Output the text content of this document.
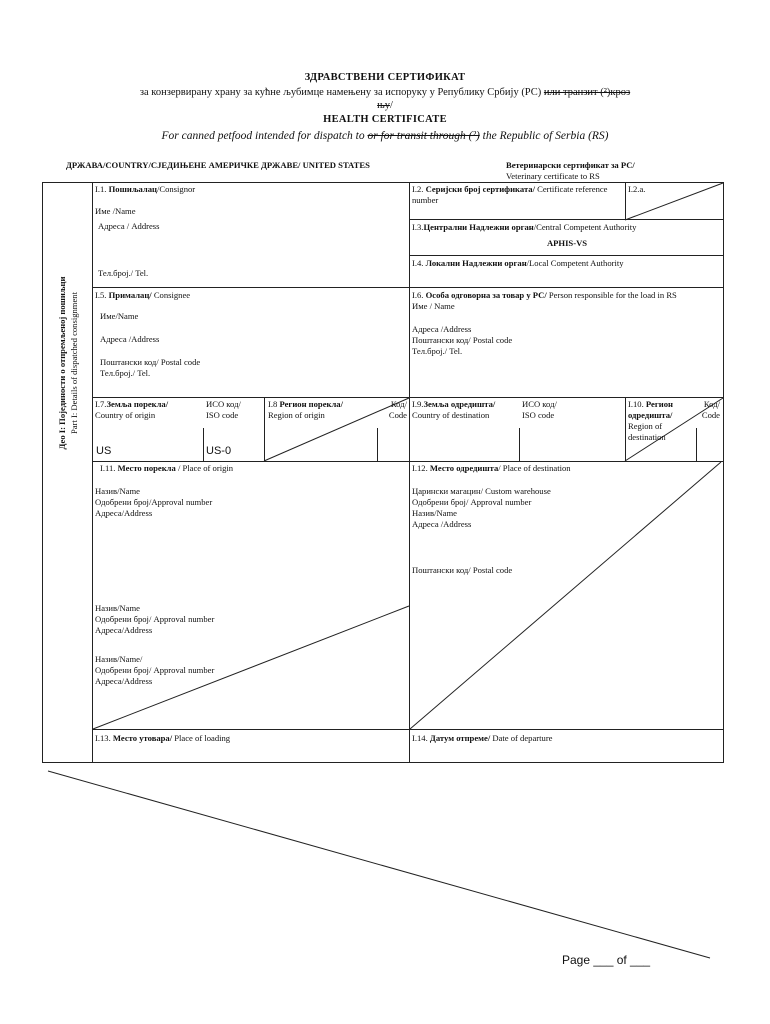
ЗДРАВСТВЕНИ СЕРТИФИКАТ
за конзервирану храну за кућне љубимце намењену за испоруку у Републику Србију (РС) или транзит (²)кроз
њу/
HEALTH CERTIFICATE
For canned petfood intended for dispatch to or for transit through (²) the Republic of Serbia (RS)
ДРЖАВА/COUNTRY/СЈЕДИЊЕНЕ АМЕРИЧКЕ ДРЖАВЕ/ UNITED STATES	Ветеринарски сертификат за РС/
Veterinary certificate to RS
Део I: Појединости о отпремљеној пошиљци Part I: Details of dispatched consignment
I.1. Пошиљалац/Consignor
Име /Name
Адреса / Address
Тел.број./ Tel.
I.2. Серијски број сертификата/ Certificate reference number
I.2.a.
I.3.Централни Надлежни орган/Central Competent Authority
APHIS-VS
I.4. Локални Надлежни орган/Local Competent Authority
I.5. Прималац/ Consignee
Име/Name
Адреса /Address
Поштански код/ Postal code
Тел.број./ Tel.
I.6. Особа одговорна за товар у РС/ Person responsible for the load in RS
Име / Name
Адреса /Address
Поштански код/ Postal code
Тел.број./ Tel.
I.7.Земља порекла/
Country of origin
ИСО код/
ISO code
US	US-0
I.8 Регион порекла/
Region of origin
Код/
Code
I.9.Земља одредишта/
Country of destination
ИСО код/
ISO code
I.10. Регион одредишта/
Region of destination
Код/
Code
I.11. Место порекла / Place of origin
Назив/Name
Одобрени број/Approval number
Адреса/Address
Назив/Name
Одобрени број/ Approval number
Адреса/Address
Назив/Name/
Одобрени број/ Approval number
Адреса/Address
I.12. Место одредишта/ Place of destination
Царински магацин/ Custom warehouse
Одобрени број/ Approval number
Назив/Name
Адреса /Address
Поштански код/ Postal code
I.13. Место утовара/ Place of loading	I.14. Датум отпреме/ Date of departure
Page ___ of ___
